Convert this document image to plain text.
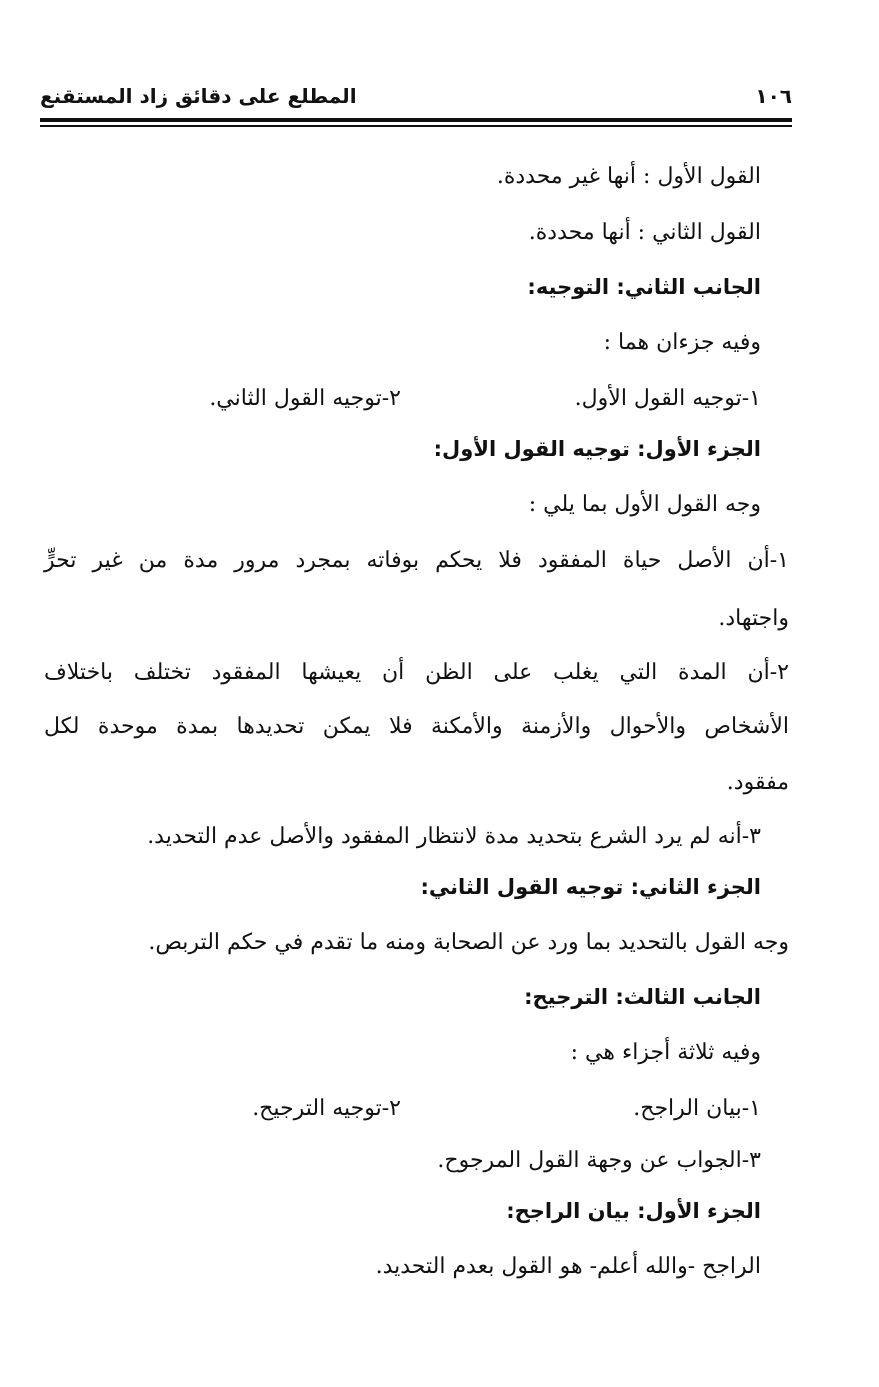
١٠٦
المطلع على دقائق زاد المستقنع
القول الأول : أنها غير محددة.
القول الثاني : أنها محددة.
الجانب الثاني: التوجيه:
وفيه جزءان هما :
١-توجيه القول الأول.
٢-توجيه القول الثاني.
الجزء الأول: توجيه القول الأول:
وجه القول الأول بما يلي :
١-أن الأصل حياة المفقود فلا يحكم بوفاته بمجرد مرور مدة من غير تحرٍّ
واجتهاد.
٢-أن المدة التي يغلب على الظن أن يعيشها المفقود تختلف باختلاف
الأشخاص والأحوال والأزمنة والأمكنة فلا يمكن تحديدها بمدة موحدة لكل
مفقود.
٣-أنه لم يرد الشرع بتحديد مدة لانتظار المفقود والأصل عدم التحديد.
الجزء الثاني: توجيه القول الثاني:
وجه القول بالتحديد بما ورد عن الصحابة ومنه ما تقدم في حكم التربص.
الجانب الثالث: الترجيح:
وفيه ثلاثة أجزاء هي :
١-بيان الراجح.
٢-توجيه الترجيح.
٣-الجواب عن وجهة القول المرجوح.
الجزء الأول: بيان الراجح:
الراجح -والله أعلم- هو القول بعدم التحديد.
